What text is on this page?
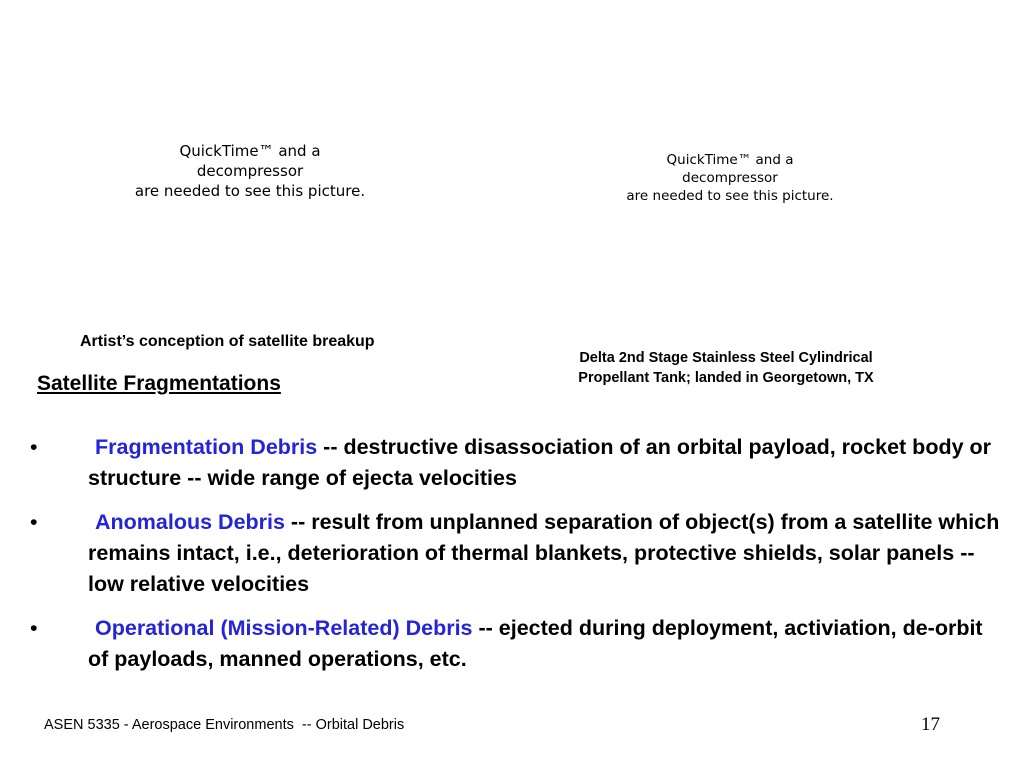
QuickTime™ and a
decompressor
are needed to see this picture.
QuickTime™ and a
decompressor
are needed to see this picture.
Artist’s conception of satellite breakup
Delta 2nd Stage Stainless Steel Cylindrical
Propellant Tank; landed in Georgetown, TX
Satellite Fragmentations
•	Fragmentation Debris -- destructive disassociation of an orbital payload, rocket body or structure -- wide range of ejecta velocities
•	Anomalous Debris -- result from unplanned separation of object(s) from a satellite which remains intact, i.e., deterioration of thermal blankets, protective shields, solar panels -- low relative velocities
•	Operational (Mission-Related) Debris -- ejected during deployment, activiation, de-orbit of payloads, manned operations, etc.
ASEN 5335 - Aerospace Environments  -- Orbital Debris	17
